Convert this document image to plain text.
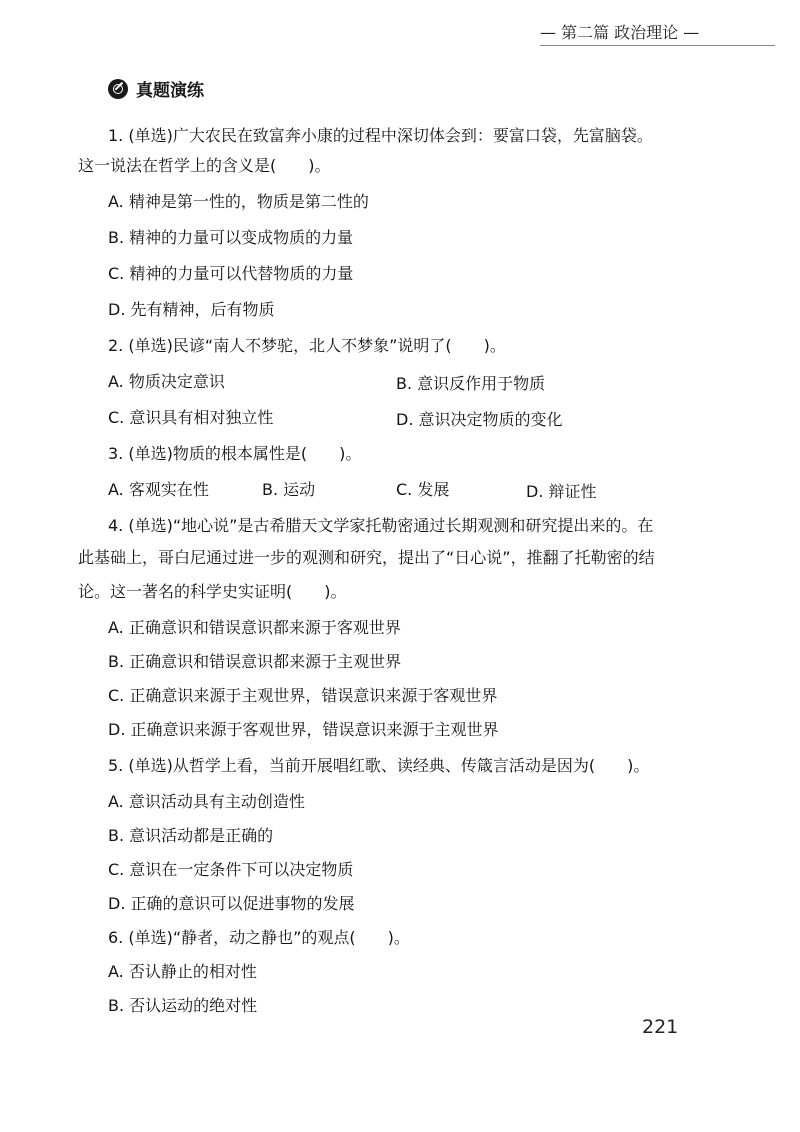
— 第二篇 政治理论 —
真题演练
1. (单选)广大农民在致富奔小康的过程中深切体会到：要富口袋，先富脑袋。
这一说法在哲学上的含义是(　　)。
A. 精神是第一性的，物质是第二性的
B. 精神的力量可以变成物质的力量
C. 精神的力量可以代替物质的力量
D. 先有精神，后有物质
2. (单选)民谚“南人不梦驼，北人不梦象”说明了(　　)。
A. 物质决定意识	B. 意识反作用于物质
C. 意识具有相对独立性	D. 意识决定物质的变化
3. (单选)物质的根本属性是(　　)。
A. 客观实在性	B. 运动	C. 发展	D. 辩证性
4. (单选)“地心说”是古希腊天文学家托勒密通过长期观测和研究提出来的。在
此基础上，哥白尼通过进一步的观测和研究，提出了“日心说”，推翻了托勒密的结
论。这一著名的科学史实证明(　　)。
A. 正确意识和错误意识都来源于客观世界
B. 正确意识和错误意识都来源于主观世界
C. 正确意识来源于主观世界，错误意识来源于客观世界
D. 正确意识来源于客观世界，错误意识来源于主观世界
5. (单选)从哲学上看，当前开展唱红歌、读经典、传箴言活动是因为(　　)。
A. 意识活动具有主动创造性
B. 意识活动都是正确的
C. 意识在一定条件下可以决定物质
D. 正确的意识可以促进事物的发展
6. (单选)“静者，动之静也”的观点(　　)。
A. 否认静止的相对性
B. 否认运动的绝对性
221
